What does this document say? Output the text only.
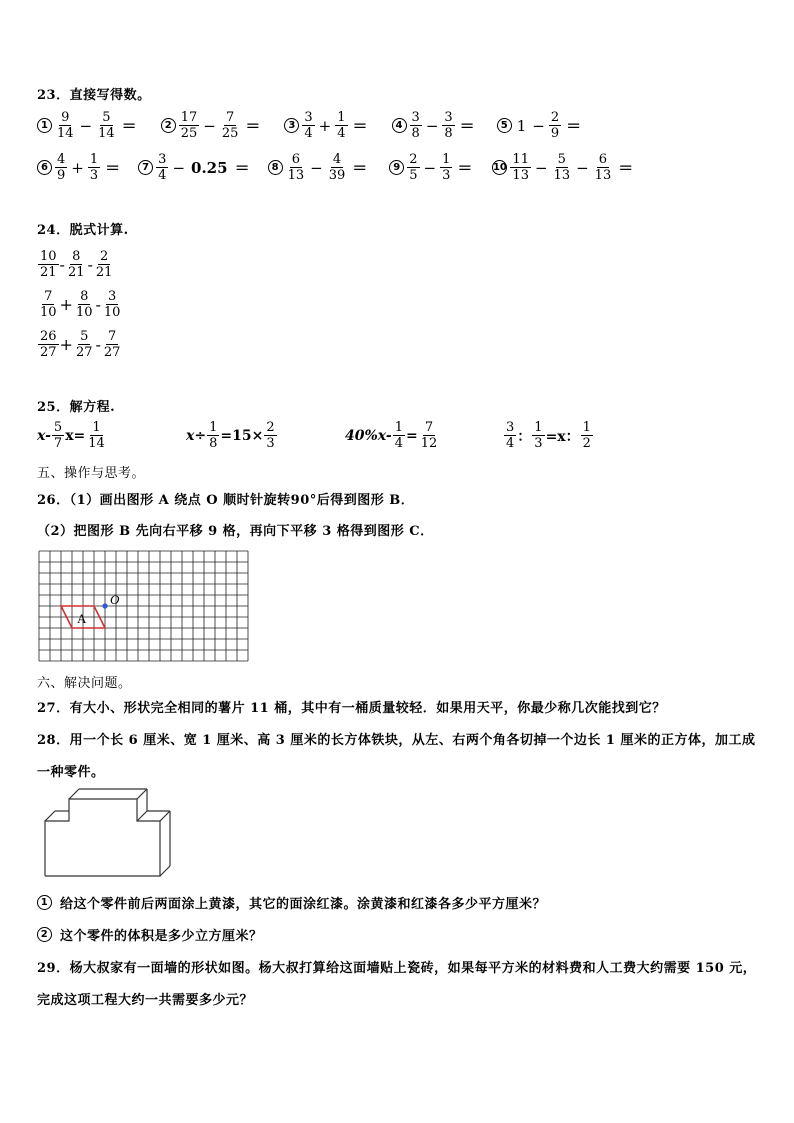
23．直接写得数。
$1 \frac{9}{14} - \frac{5}{14}$ ＝	$2 \frac{17}{25} - \frac{7}{25}$ ＝	$3 \frac{3}{4} + \frac{1}{4}$ ＝	$4 \frac{3}{8} - \frac{3}{8}$ ＝	5 $1 - \frac{2}{9}$ ＝
$6 \frac{4}{9} + \frac{1}{3}$ ＝	$7 \frac{3}{4} - 0.25$ ＝	$8 \frac{6}{13} - \frac{4}{39}$ ＝	$9 \frac{2}{5} - \frac{1}{3} = 10 \frac{11}{13} - \frac{5}{13} - \frac{6}{13}$ ＝
24．脱式计算.
$\frac{10}{21} - \frac{8}{21} - \frac{2}{21}$
$\frac{7}{10} + \frac{8}{10} - \frac{3}{10}$
$\frac{26}{27} + \frac{5}{27} - \frac{7}{27}$
25．解方程.
$x- \frac{5}{7} x= \frac{1}{14}$	$x\div \frac{1}{8} =15\times \frac{2}{3}$	$40\%x- \frac{1}{4} = \frac{7}{12}$	$\frac{3}{4}$ ： $\frac{1}{3} =x$： $\frac{1}{2}$
五、操作与思考。
26．（1）画出图形 A 绕点 O 顺时针旋转90°后得到图形 B．
（2）把图形 B 先向右平移 9 格，再向下平移 3 格得到图形 C．
A
O
六、解决问题。
27．有大小、形状完全相同的薯片 11 桶，其中有一桶质量较轻．如果用天平，你最少称几次能找到它？
28．用一个长 6 厘米、宽 1 厘米、高 3 厘米的长方体铁块，从左、右两个角各切掉一个边长 1 厘米的正方体，加工成
一种零件。
1 给这个零件前后两面涂上黄漆，其它的面涂红漆。涂黄漆和红漆各多少平方厘米？
2 这个零件的体积是多少立方厘米？
29．杨大叔家有一面墙的形状如图。杨大叔打算给这面墙贴上瓷砖，如果每平方米的材料费和人工费大约需要 150 元，
完成这项工程大约一共需要多少元？
